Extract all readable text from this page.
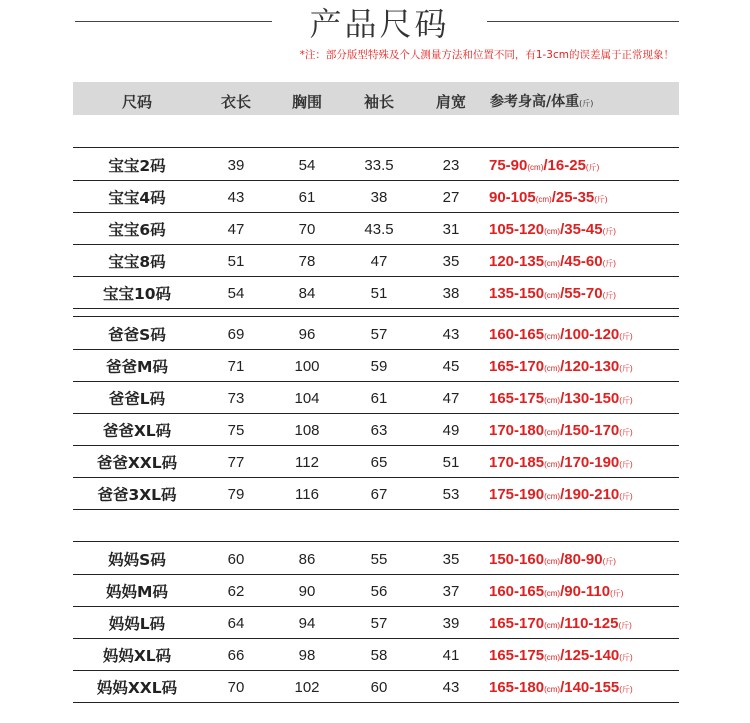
产品尺码
*注：部分版型特殊及个人测量方法和位置不同，有1-3cm的误差属于正常现象！
尺码	衣长	胸围	袖长	肩宽 参考身高/体重(斤)
宝宝2码	39	54	33.5	23 75-90(cm)/16-25(斤)
宝宝4码	43	61	38	27 90-105(cm)/25-35(斤)
宝宝6码	47	70	43.5	31 105-120(cm)/35-45(斤)
宝宝8码	51	78	47	35 120-135(cm)/45-60(斤)
宝宝10码	54	84	51	38 135-150(cm)/55-70(斤)
爸爸S码	69	96	57	43 160-165(cm)/100-120(斤)
爸爸M码	71	100	59	45 165-170(cm)/120-130(斤)
爸爸L码	73	104	61	47 165-175(cm)/130-150(斤)
爸爸XL码	75	108	63	49 170-180(cm)/150-170(斤)
爸爸XXL码	77	112	65	51 170-185(cm)/170-190(斤)
爸爸3XL码	79	116	67	53 175-190(cm)/190-210(斤)
妈妈S码	60	86	55	35 150-160(cm)/80-90(斤)
妈妈M码	62	90	56	37 160-165(cm)/90-110(斤)
妈妈L码	64	94	57	39 165-170(cm)/110-125(斤)
妈妈XL码	66	98	58	41 165-175(cm)/125-140(斤)
妈妈XXL码	70	102	60	43 165-180(cm)/140-155(斤)
